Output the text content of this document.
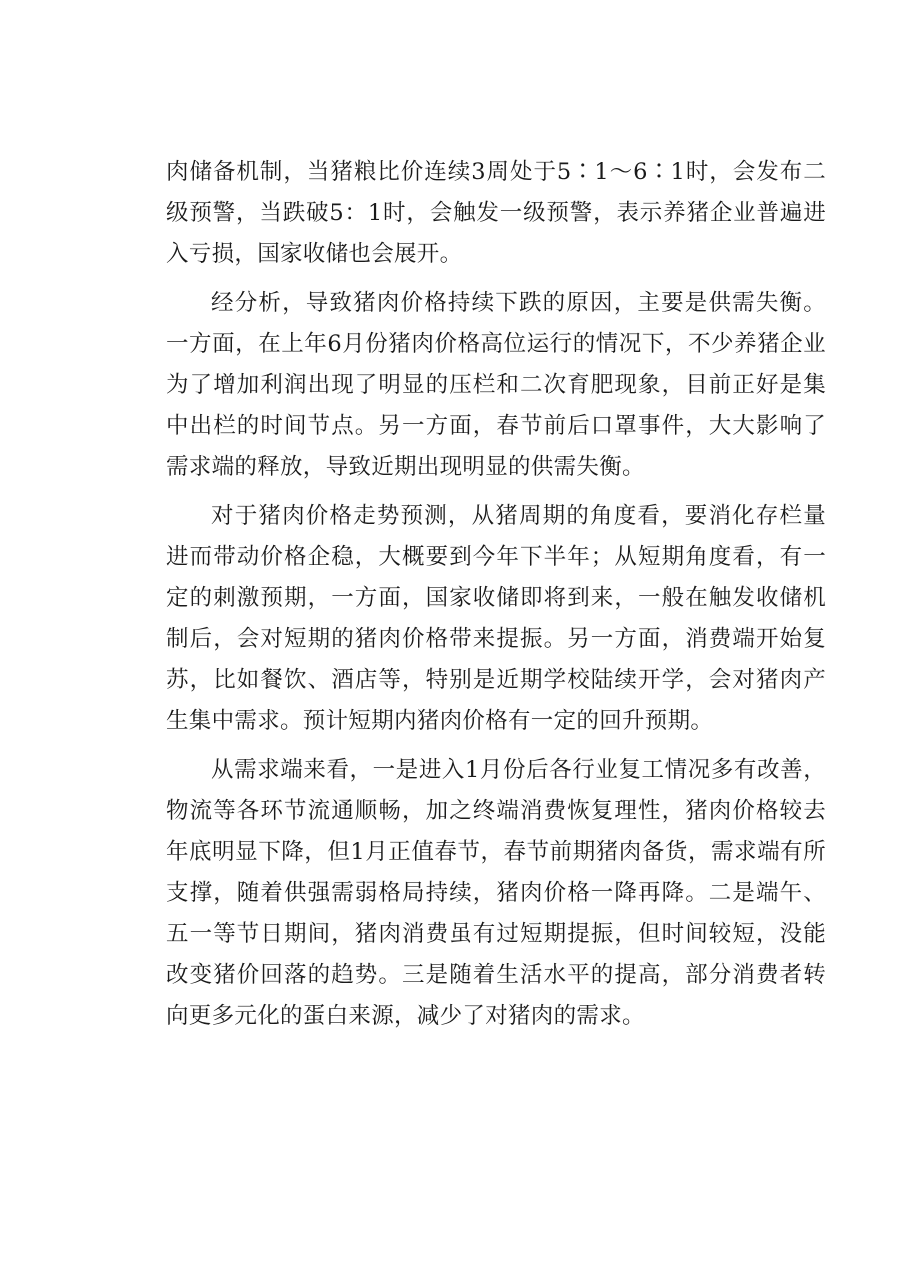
肉储备机制，当猪粮比价连续3周处于5∶1～6∶1时，会发布二级预警，当跌破5：1时，会触发一级预警，表示养猪企业普遍进入亏损，国家收储也会展开。

经分析，导致猪肉价格持续下跌的原因，主要是供需失衡。一方面，在上年6月份猪肉价格高位运行的情况下，不少养猪企业为了增加利润出现了明显的压栏和二次育肥现象，目前正好是集中出栏的时间节点。另一方面，春节前后口罩事件，大大影响了需求端的释放，导致近期出现明显的供需失衡。

对于猪肉价格走势预测，从猪周期的角度看，要消化存栏量进而带动价格企稳，大概要到今年下半年；从短期角度看，有一定的刺激预期，一方面，国家收储即将到来，一般在触发收储机制后，会对短期的猪肉价格带来提振。另一方面，消费端开始复苏，比如餐饮、酒店等，特别是近期学校陆续开学，会对猪肉产生集中需求。预计短期内猪肉价格有一定的回升预期。

从需求端来看，一是进入1月份后各行业复工情况多有改善，物流等各环节流通顺畅，加之终端消费恢复理性，猪肉价格较去年底明显下降，但1月正值春节，春节前期猪肉备货，需求端有所支撑，随着供强需弱格局持续，猪肉价格一降再降。二是端午、五一等节日期间，猪肉消费虽有过短期提振，但时间较短，没能改变猪价回落的趋势。三是随着生活水平的提高，部分消费者转向更多元化的蛋白来源，减少了对猪肉的需求。
